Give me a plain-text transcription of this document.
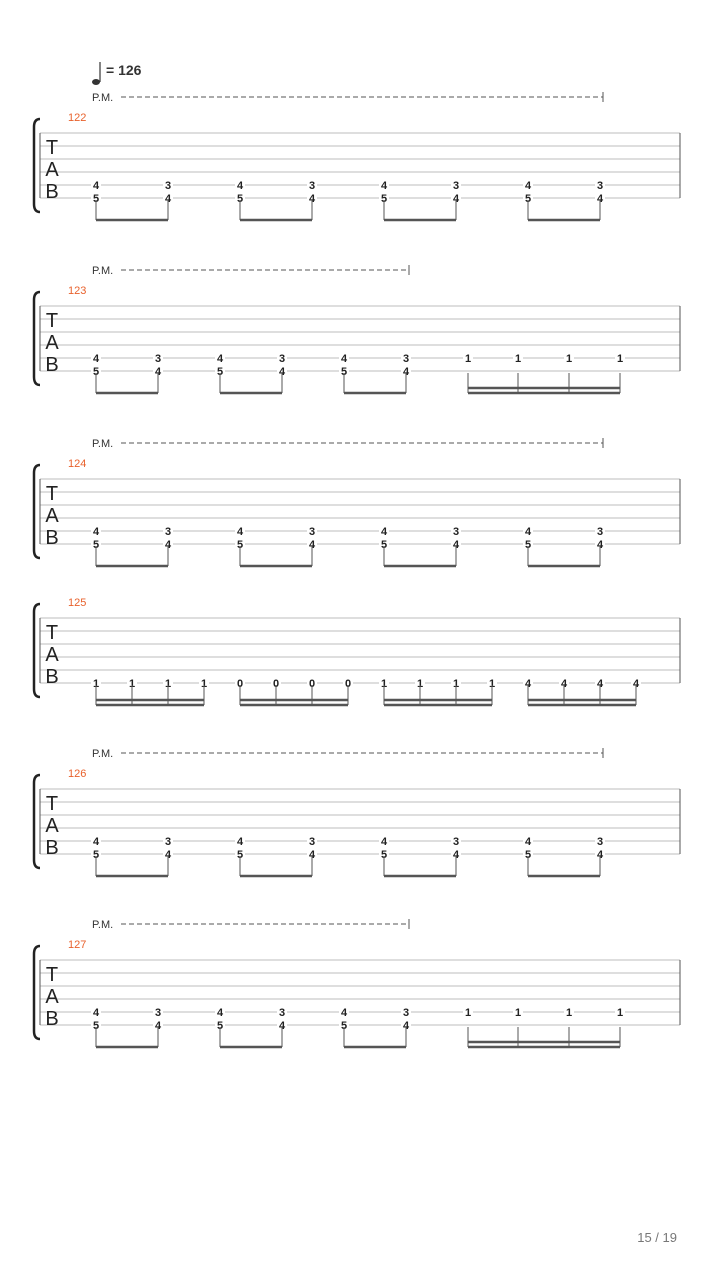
= 126
P.M.
122
T
A
B	4
5
3
4
4
5
3
4
4
5
3
4
4
5
3
4
P.M.
123
T
A
B	4
5
3
4
4
5
3
4
4
5
3
4
1	1	1	1
P.M.
124
T
A
B	4
5
3
4
4
5
3
4
4
5
3
4
4
5
3
4
125
T
A
B	1	1	1	1	0	0	0	0	1	1	1	1	4	4	4	4
P.M.
126
T
A
B	4
5
3
4
4
5
3
4
4
5
3
4
4
5
3
4
P.M.
127
T
A
B	4
5
3
4
4
5
3
4
4
5
3
4
1	1	1	1
15 / 19
